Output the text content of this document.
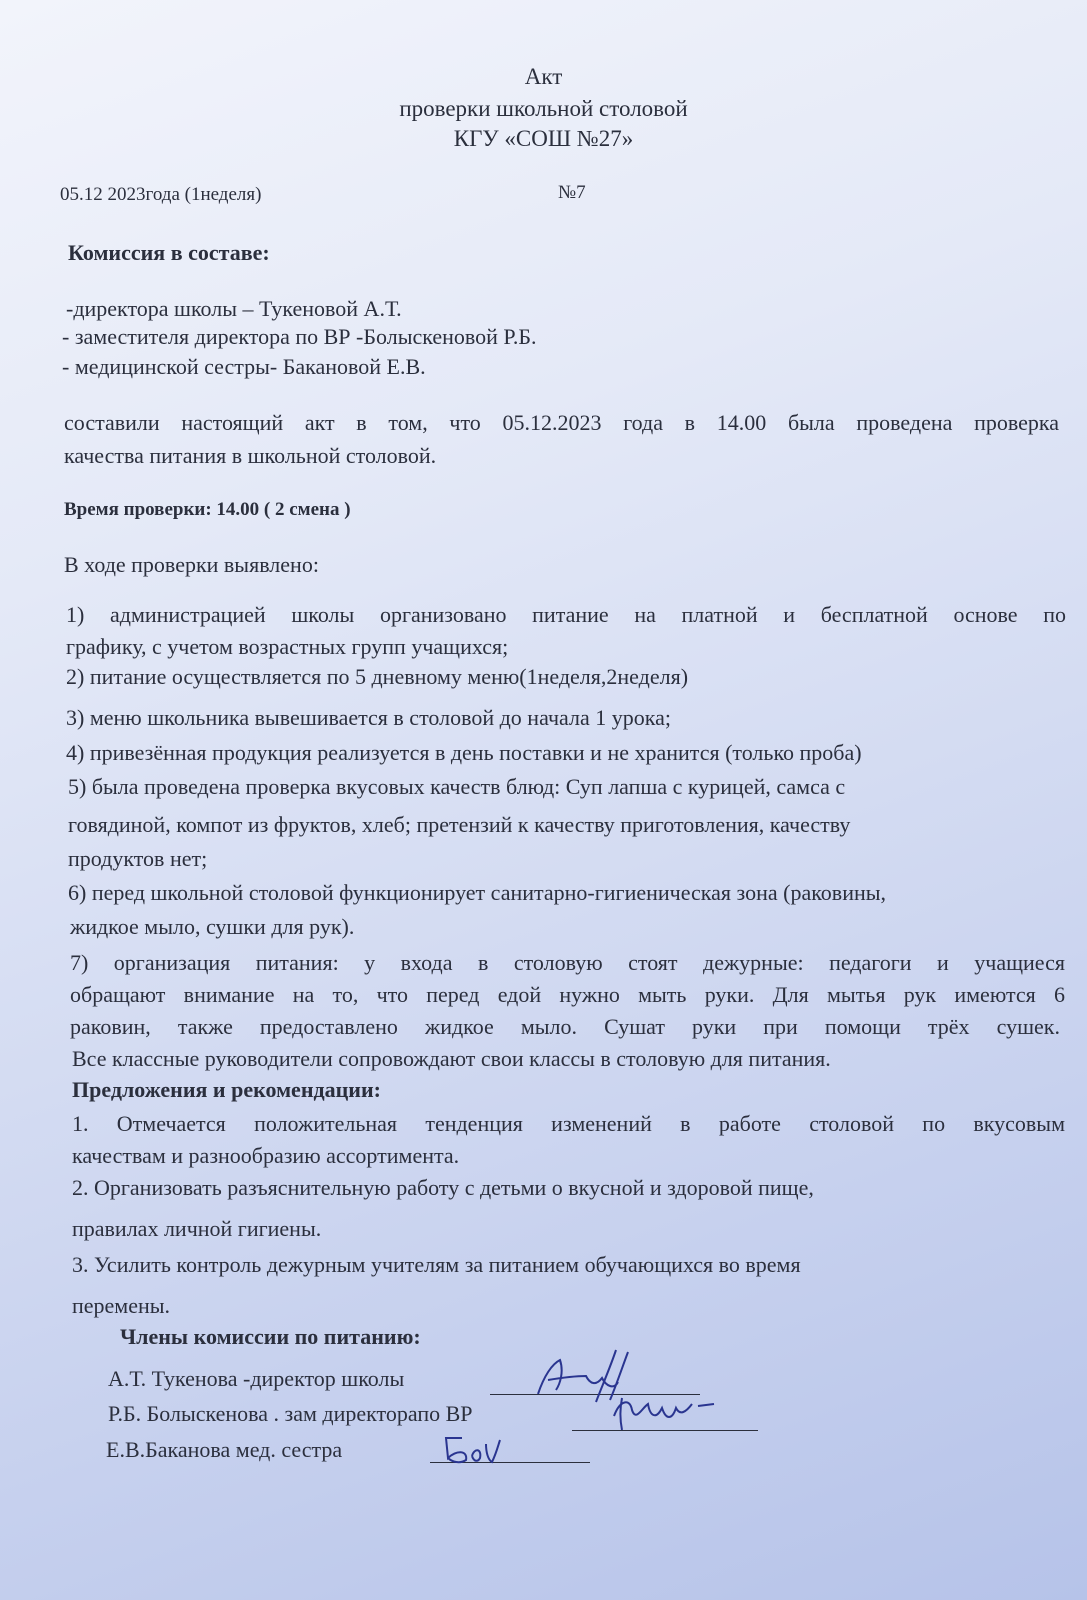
Акт
проверки школьной столовой
КГУ «СОШ №27»
05.12 2023года (1неделя)	№7
Комиссия в составе:
-директора школы – Тукеновой А.Т.
- заместителя директора по ВР -Болыскеновой Р.Б.
- медицинской сестры- Бакановой Е.В.
составили настоящий акт в том, что 05.12.2023 года в 14.00 была проведена проверка
качества питания в школьной столовой.
Время проверки: 14.00 ( 2 смена )
В ходе проверки выявлено:
1) администрацией школы организовано питание на платной и бесплатной основе по
графику, с учетом возрастных групп учащихся;
2) питание осуществляется по 5 дневному меню(1неделя,2неделя)
3) меню школьника вывешивается в столовой до начала 1 урока;
4) привезённая продукция реализуется в день поставки и не хранится (только проба)
5) была проведена проверка вкусовых качеств блюд: Суп лапша с курицей, самса с
говядиной, компот из фруктов, хлеб; претензий к качеству приготовления, качеству
продуктов нет;
6) перед школьной столовой функционирует санитарно-гигиеническая зона (раковины,
жидкое мыло, сушки для рук).
7) организация питания: у входа в столовую стоят дежурные: педагоги и учащиеся
обращают внимание на то, что перед едой нужно мыть руки. Для мытья рук имеются 6
раковин, также предоставлено жидкое мыло. Сушат руки при помощи трёх сушек.
Все классные руководители сопровождают свои классы в столовую для питания.
Предложения и рекомендации:
1. Отмечается положительная тенденция изменений в работе столовой по вкусовым
качествам и разнообразию ассортимента.
2. Организовать разъяснительную работу с детьми о вкусной и здоровой пище,
правилах личной гигиены.
3. Усилить контроль дежурным учителям за питанием обучающихся во время
перемены.
Члены комиссии по питанию:
А.Т. Тукенова -директор школы
Р.Б. Болыскенова . зам директорапо ВР
Е.В.Баканова мед. сестра
